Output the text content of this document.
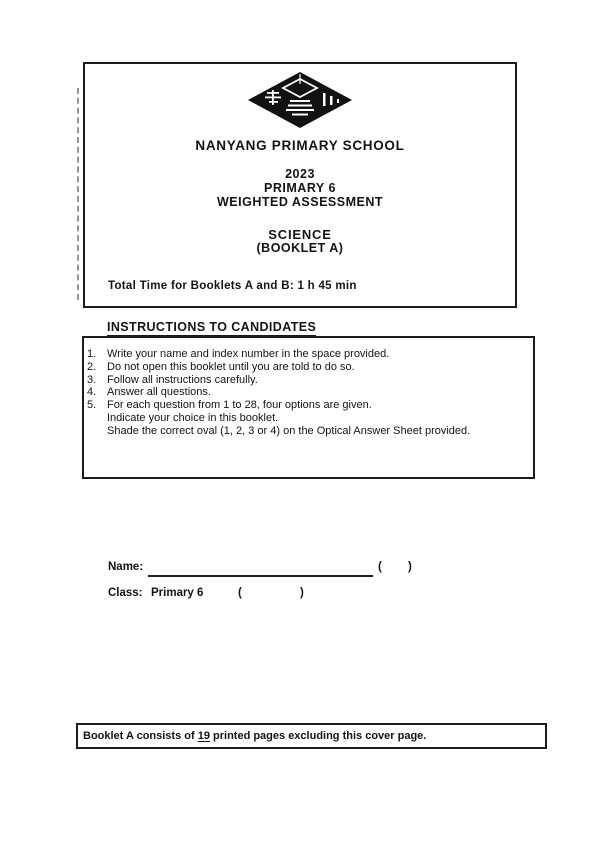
NANYANG PRIMARY SCHOOL
2023
PRIMARY 6
WEIGHTED ASSESSMENT
SCIENCE
(BOOKLET A)
Total Time for Booklets A and B: 1 h 45 min
INSTRUCTIONS TO CANDIDATES
1. Write your name and index number in the space provided.
2. Do not open this booklet until you are told to do so.
3. Follow all instructions carefully.
4. Answer all questions.
5. For each question from 1 to 28, four options are given.
Indicate your choice in this booklet.
Shade the correct oval (1, 2, 3 or 4) on the Optical Answer Sheet provided.
Name:	( )
Class: Primary 6	(	)
Booklet A consists of 19 printed pages excluding this cover page.
